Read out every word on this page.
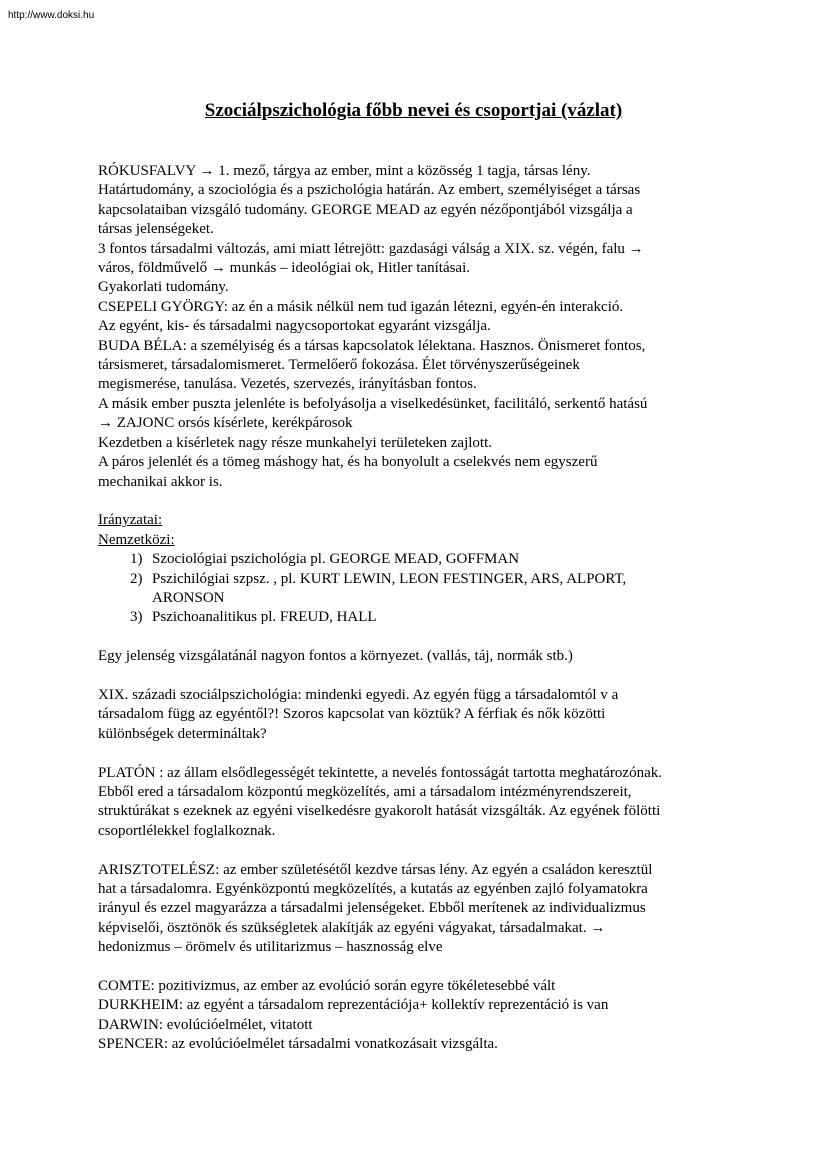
http://www.doksi.hu
Szociálpszichológia főbb nevei és csoportjai (vázlat)
RÓKUSFALVY → 1. mező, tárgya az ember, mint a közösség 1 tagja, társas lény.
Határtudomány, a szociológia és a pszichológia határán. Az embert, személyiséget a társas
kapcsolataiban vizsgáló tudomány. GEORGE MEAD az egyén nézőpontjából vizsgálja a
társas jelenségeket.
3 fontos társadalmi változás, ami miatt létrejött: gazdasági válság a XIX. sz. végén, falu →
város, földművelő → munkás – ideológiai ok, Hitler tanításai.
Gyakorlati tudomány.
CSEPELI GYÖRGY: az én a másik nélkül nem tud igazán létezni, egyén-én interakció.
Az egyént, kis- és társadalmi nagycsoportokat egyaránt vizsgálja.
BUDA BÉLA: a személyiség és a társas kapcsolatok lélektana. Hasznos. Önismeret fontos,
társismeret, társadalomismeret. Termelőerő fokozása. Élet törvényszerűségeinek
megismerése, tanulása. Vezetés, szervezés, irányításban fontos.
A másik ember puszta jelenléte is befolyásolja a viselkedésünket, facilitáló, serkentő hatású
→ ZAJONC orsós kísérlete, kerékpárosok
Kezdetben a kísérletek nagy része munkahelyi területeken zajlott.
A páros jelenlét és a tömeg máshogy hat, és ha bonyolult a cselekvés nem egyszerű
mechanikai akkor is.
Irányzatai:
Nemzetközi:
1) Szociológiai pszichológia pl. GEORGE MEAD, GOFFMAN
2) Pszichilógiai szpsz. , pl. KURT LEWIN, LEON FESTINGER, ARS, ALPORT,
ARONSON
3) Pszichoanalitikus pl. FREUD, HALL
Egy jelenség vizsgálatánál nagyon fontos a környezet. (vallás, táj, normák stb.)
XIX. századi szociálpszichológia: mindenki egyedi. Az egyén függ a társadalomtól v a
társadalom függ az egyéntől?! Szoros kapcsolat van köztük? A férfiak és nők közötti
különbségek determináltak?
PLATÓN : az állam elsődlegességét tekintette, a nevelés fontosságát tartotta meghatározónak.
Ebből ered a társadalom központú megközelítés, ami a társadalom intézményrendszereit,
struktúrákat s ezeknek az egyéni viselkedésre gyakorolt hatását vizsgálták. Az egyének fölötti
csoportlélekkel foglalkoznak.
ARISZTOTELÉSZ: az ember születésétől kezdve társas lény. Az egyén a családon keresztül
hat a társadalomra. Egyénközpontú megközelítés, a kutatás az egyénben zajló folyamatokra
irányul és ezzel magyarázza a társadalmi jelenségeket. Ebből merítenek az individualizmus
képviselői, ösztönök és szükségletek alakítják az egyéni vágyakat, társadalmakat. →
hedonizmus – örömelv és utilitarizmus – hasznosság elve
COMTE: pozitivizmus, az ember az evolúció során egyre tökéletesebbé vált
DURKHEIM: az egyént a társadalom reprezentációja+ kollektív reprezentáció is van
DARWIN: evolúcióelmélet, vitatott
SPENCER: az evolúcióelmélet társadalmi vonatkozásait vizsgálta.
